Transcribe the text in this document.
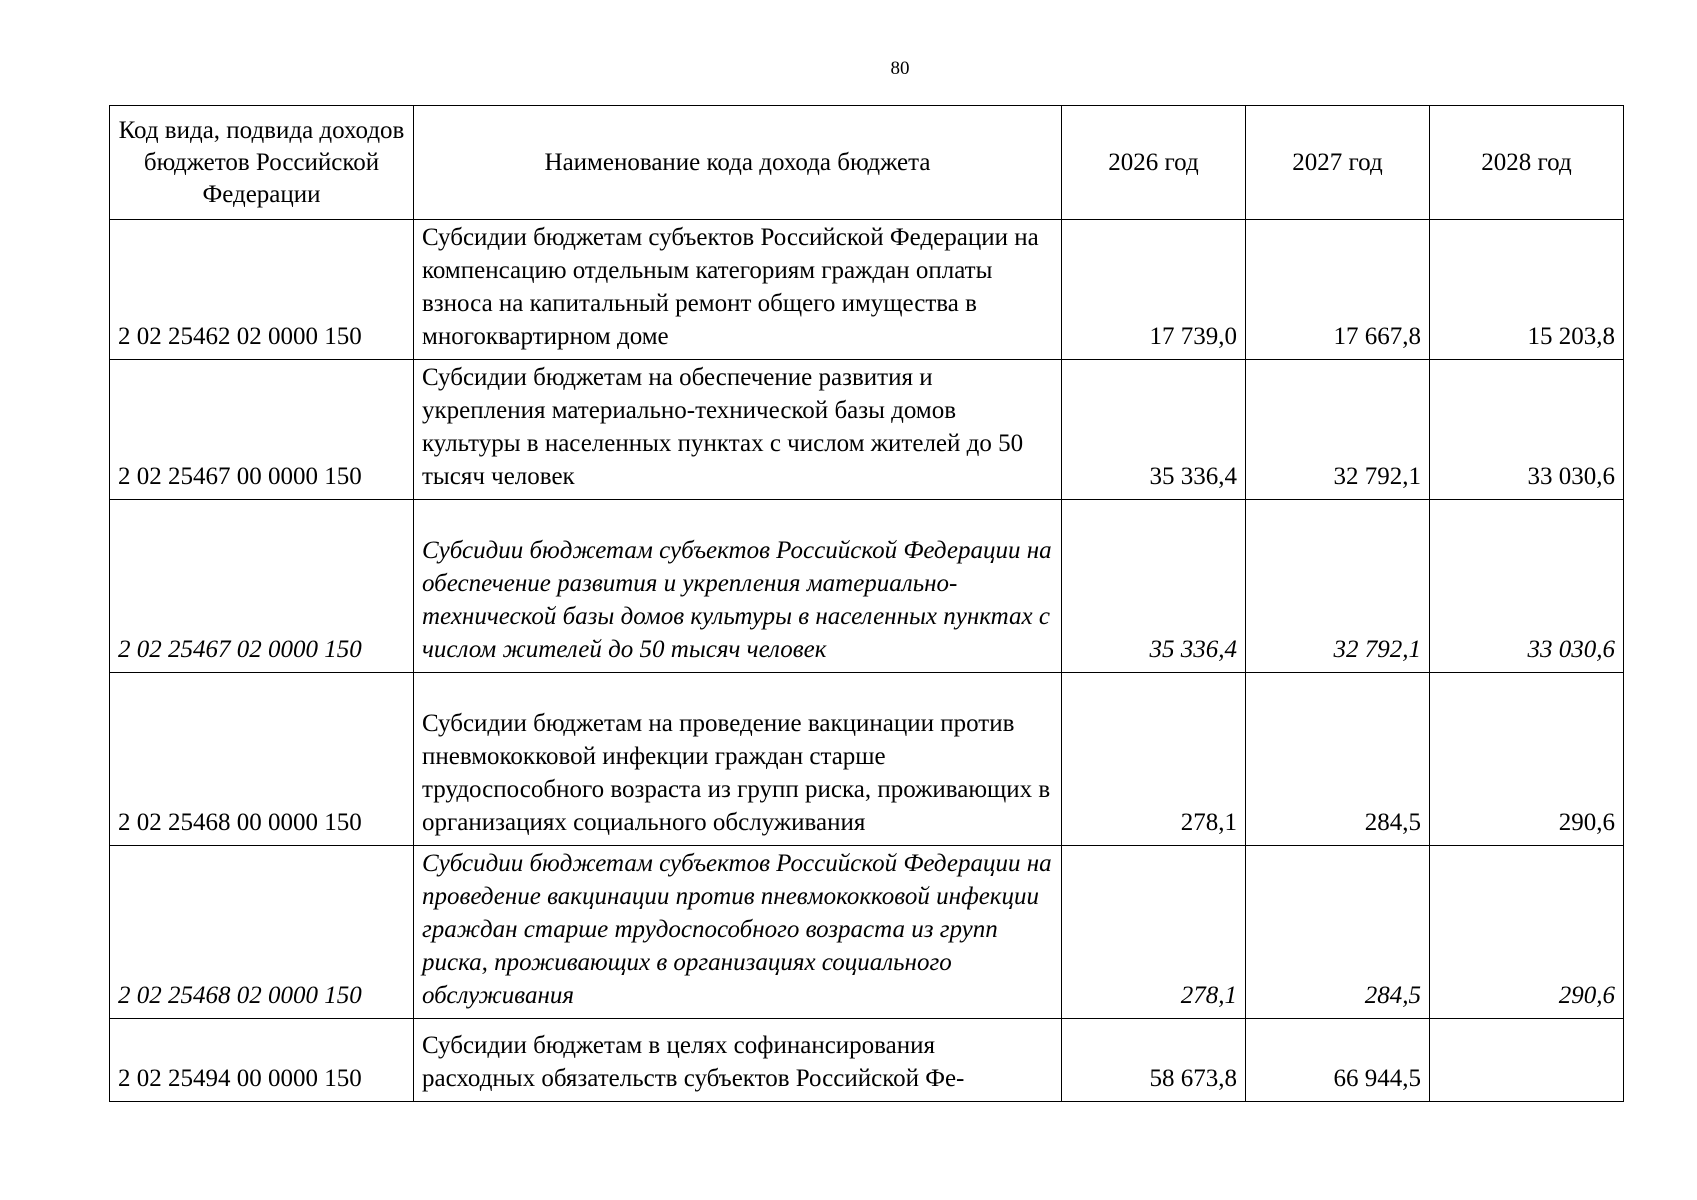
80
Код вида, подвида доходов бюджетов Российской Федерации	Наименование кода дохода бюджета	2026 год	2027 год	2028 год
2 02 25462 02 0000 150	Субсидии бюджетам субъектов Российской Федерации на компенсацию отдельным категориям граждан оплаты взноса на капитальный ремонт общего имущества в многоквартирном доме	17 739,0	17 667,8	15 203,8
2 02 25467 00 0000 150	Субсидии бюджетам на обеспечение развития и укрепления материально-технической базы домов культуры в населенных пунктах с числом жителей до 50 тысяч человек	35 336,4	32 792,1	33 030,6
2 02 25467 02 0000 150	Субсидии бюджетам субъектов Российской Федерации на обеспечение развития и укрепления материально-технической базы домов культуры в населенных пунктах с числом жителей до 50 тысяч человек	35 336,4	32 792,1	33 030,6
2 02 25468 00 0000 150	Субсидии бюджетам на проведение вакцинации против пневмококковой инфекции граждан старше трудоспособного возраста из групп риска, проживающих в организациях социального обслуживания	278,1	284,5	290,6
2 02 25468 02 0000 150	Субсидии бюджетам субъектов Российской Федерации на проведение вакцинации против пневмококковой инфекции граждан старше трудоспособного возраста из групп риска, проживающих в организациях социального обслуживания	278,1	284,5	290,6
2 02 25494 00 0000 150	Субсидии бюджетам в целях софинансирования расходных обязательств субъектов Российской Фе-	58 673,8	66 944,5	
